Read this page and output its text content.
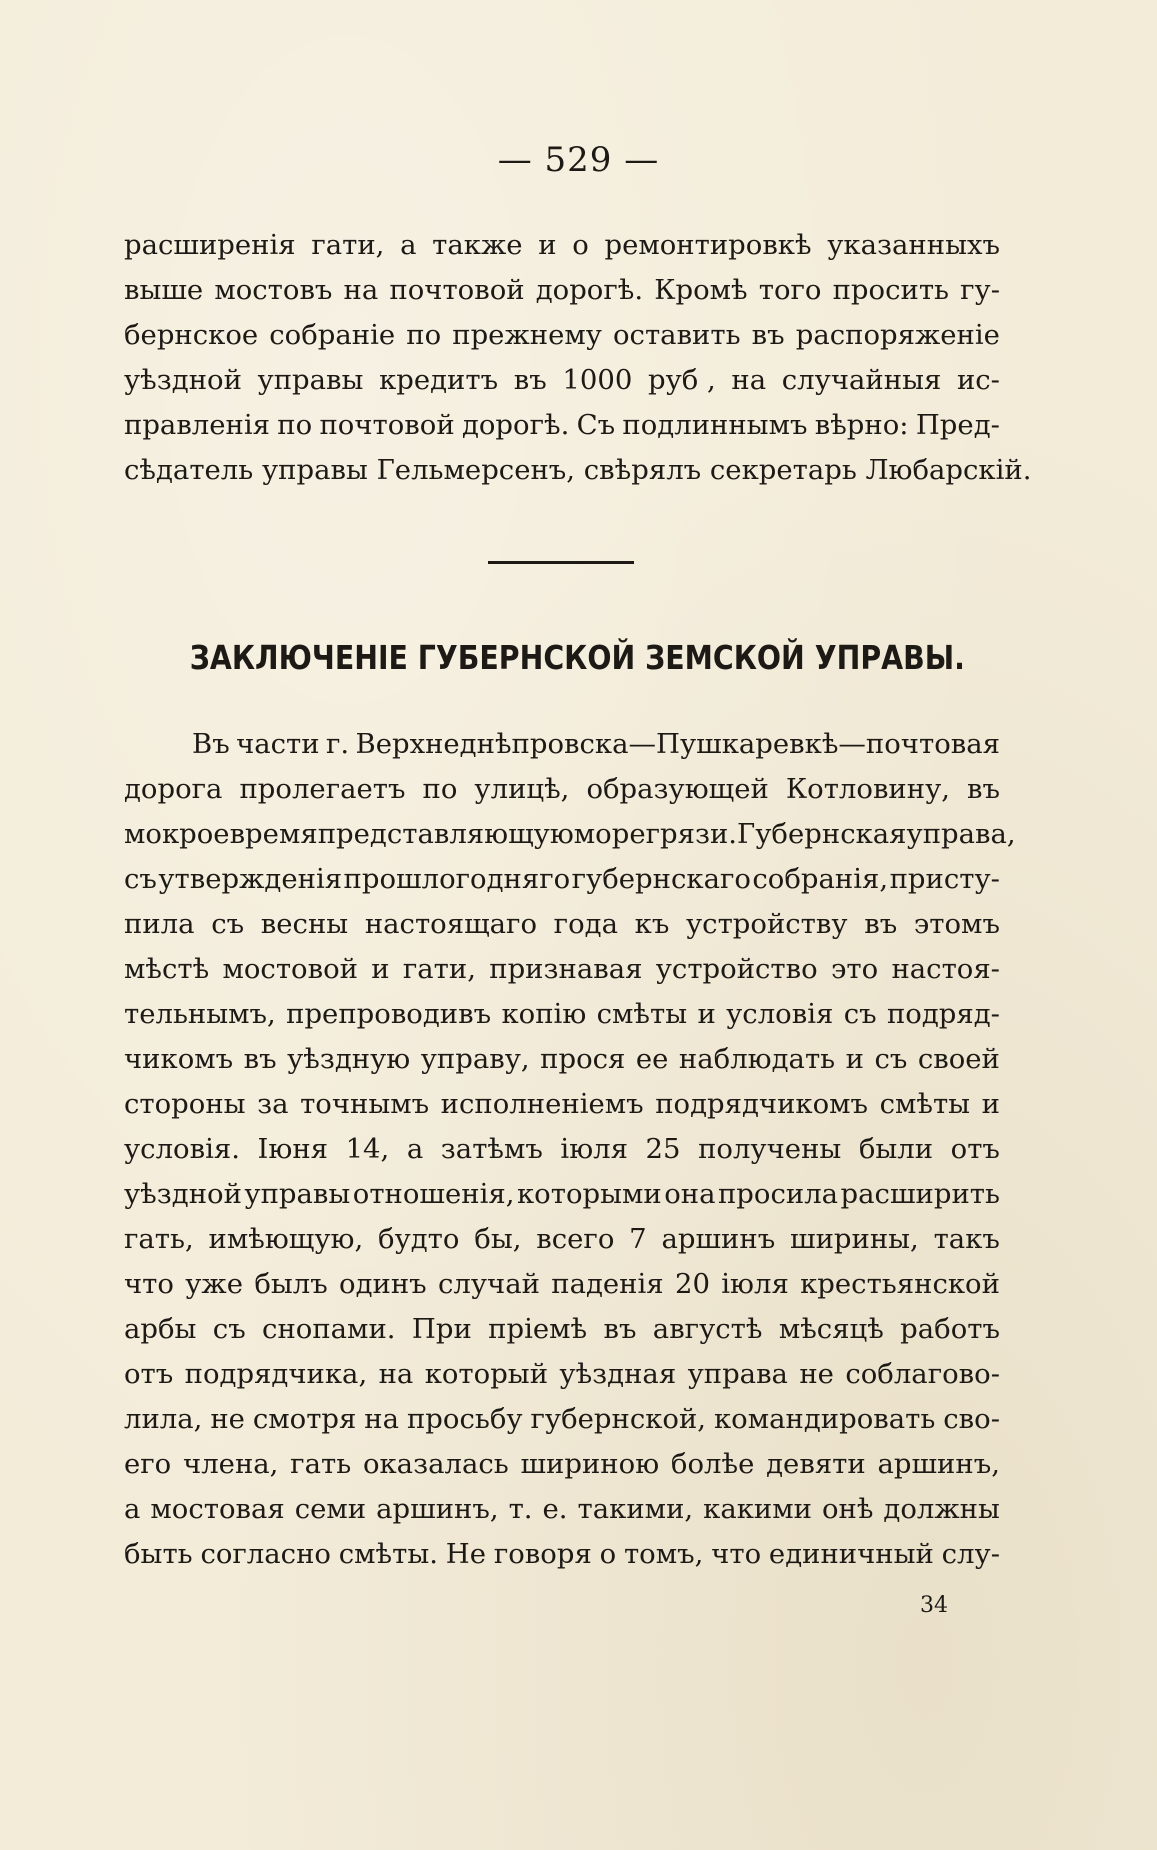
— 529 —
расширенія гати, а также и о ремонтировкѣ указанныхъ
выше мостовъ на почтовой дорогѣ. Кромѣ того просить гу-
бернское собраніе по прежнему оставить въ распоряженіе
уѣздной управы кредитъ въ 1000 руб , на случайныя ис-
правленія по почтовой дорогѣ. Съ подлиннымъ вѣрно: Пред-
сѣдатель управы Гельмерсенъ, свѣрялъ секретарь Любарскій.
ЗАКЛЮЧЕНІЕ ГУБЕРНСКОЙ ЗЕМСКОЙ УПРАВЫ.
Въ части г. Верхнеднѣпровска—Пушкаревкѣ—почтовая
дорога пролегаетъ по улицѣ, образующей Котловину, въ
мокрое время представляющую море грязи. Губернская управа,
съ утвержденія прошлогодняго губернскаго собранія, присту-
пила съ весны настоящаго года къ устройству въ этомъ
мѣстѣ мостовой и гати, признавая устройство это настоя-
тельнымъ, препроводивъ копію смѣты и условія съ подряд-
чикомъ въ уѣздную управу, прося ее наблюдать и съ своей
стороны за точнымъ исполненіемъ подрядчикомъ смѣты и
условія. Іюня 14, а затѣмъ іюля 25 получены были отъ
уѣздной управы отношенія, которыми она просила расширить
гать, имѣющую, будто бы, всего 7 аршинъ ширины, такъ
что уже былъ одинъ случай паденія 20 іюля крестьянской
арбы съ снопами. При пріемѣ въ августѣ мѣсяцѣ работъ
отъ подрядчика, на который уѣздная управа не соблагово-
лила, не смотря на просьбу губернской, командировать сво-
его члена, гать оказалась шириною болѣе девяти аршинъ,
а мостовая семи аршинъ, т. е. такими, какими онѣ должны
быть согласно смѣты. Не говоря о томъ, что единичный слу-
34
